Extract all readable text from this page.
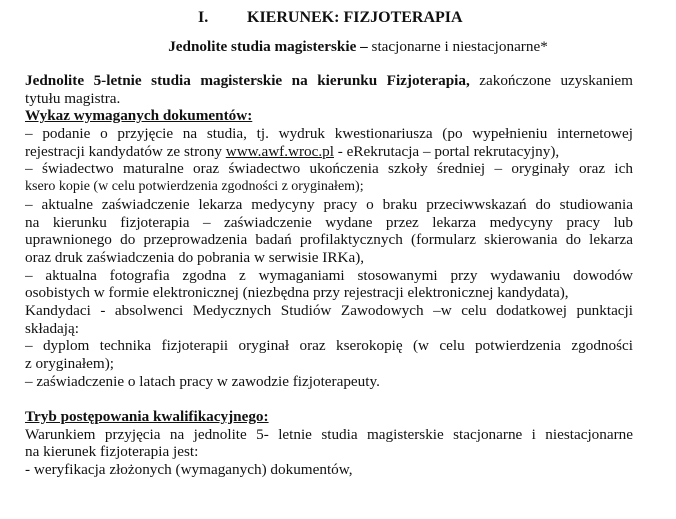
I. KIERUNEK: FIZJOTERAPIA
Jednolite studia magisterskie – stacjonarne i niestacjonarne*
Jednolite 5-letnie studia magisterskie na kierunku Fizjoterapia, zakończone uzyskaniem
tytułu magistra.
Wykaz wymaganych dokumentów:
– podanie o przyjęcie na studia, tj. wydruk kwestionariusza (po wypełnieniu internetowej
rejestracji kandydatów ze strony www.awf.wroc.pl - eRekrutacja – portal rekrutacyjny),
– świadectwo maturalne oraz świadectwo ukończenia szkoły średniej – oryginały oraz ich
ksero kopie (w celu potwierdzenia zgodności z oryginałem);
– aktualne zaświadczenie lekarza medycyny pracy o braku przeciwwskazań do studiowania
na kierunku fizjoterapia – zaświadczenie wydane przez lekarza medycyny pracy lub
uprawnionego do przeprowadzenia badań profilaktycznych (formularz skierowania do lekarza
oraz druk zaświadczenia do pobrania w serwisie IRKa),
– aktualna fotografia zgodna z wymaganiami stosowanymi przy wydawaniu dowodów
osobistych w formie elektronicznej (niezbędna przy rejestracji elektronicznej kandydata),
Kandydaci - absolwenci Medycznych Studiów Zawodowych –w celu dodatkowej punktacji
składają:
– dyplom technika fizjoterapii oryginał oraz kserokopię (w celu potwierdzenia zgodności
z oryginałem);
– zaświadczenie o latach pracy w zawodzie fizjoterapeuty.
Tryb postępowania kwalifikacyjnego:
Warunkiem przyjęcia na jednolite 5- letnie studia magisterskie stacjonarne i niestacjonarne
na kierunek fizjoterapia jest:
- weryfikacja złożonych (wymaganych) dokumentów,
